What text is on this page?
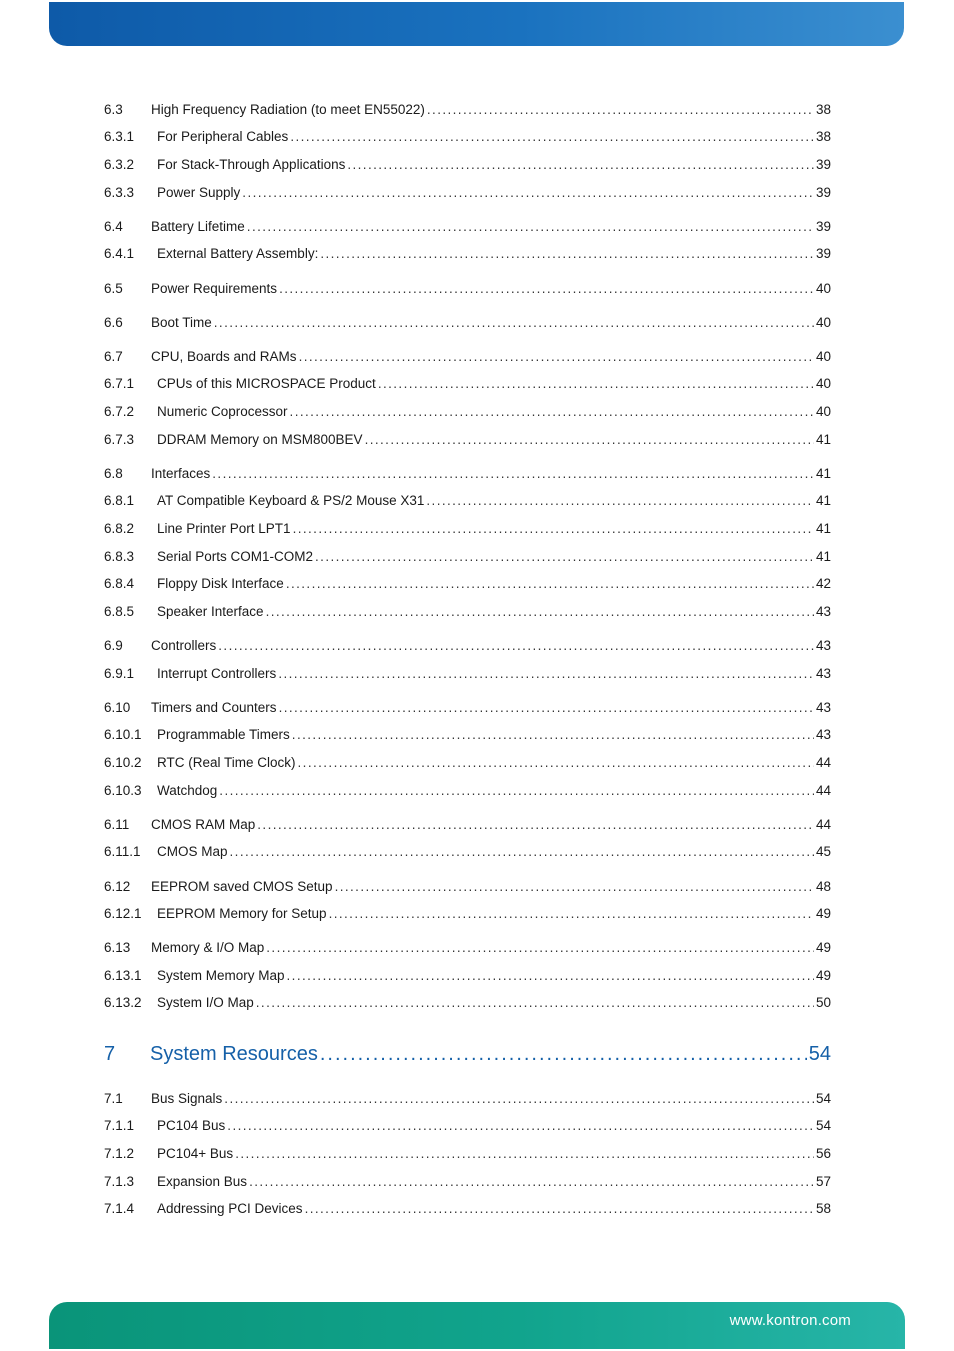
6.3	High Frequency Radiation (to meet EN55022) .....	38
6.3.1	For Peripheral Cables .....	38
6.3.2	For Stack-Through Applications .....	39
6.3.3	Power Supply .....	39
6.4	Battery Lifetime .....	39
6.4.1	External Battery Assembly: .....	39
6.5	Power Requirements .....	40
6.6	Boot Time .....	40
6.7	CPU, Boards and RAMs .....	40
6.7.1	CPUs of this MICROSPACE Product .....	40
6.7.2	Numeric Coprocessor .....	40
6.7.3	DDRAM Memory on MSM800BEV .....	41
6.8	Interfaces .....	41
6.8.1	AT Compatible Keyboard & PS/2 Mouse X31 .....	41
6.8.2	Line Printer Port LPT1 .....	41
6.8.3	Serial Ports COM1-COM2 .....	41
6.8.4	Floppy Disk Interface .....	42
6.8.5	Speaker Interface .....	43
6.9	Controllers .....	43
6.9.1	Interrupt Controllers .....	43
6.10	Timers and Counters .....	43
6.10.1	Programmable Timers .....	43
6.10.2	RTC (Real Time Clock) .....	44
6.10.3	Watchdog .....	44
6.11	CMOS RAM Map .....	44
6.11.1	CMOS Map .....	45
6.12	EEPROM saved CMOS Setup .....	48
6.12.1	EEPROM Memory for Setup .....	49
6.13	Memory & I/O Map .....	49
6.13.1	System Memory Map .....	49
6.13.2	System I/O Map .....	50
7	System Resources .....	54
7.1	Bus Signals .....	54
7.1.1	PC104 Bus .....	54
7.1.2	PC104+ Bus .....	56
7.1.3	Expansion Bus .....	57
7.1.4	Addressing PCI Devices .....	58
www.kontron.com
